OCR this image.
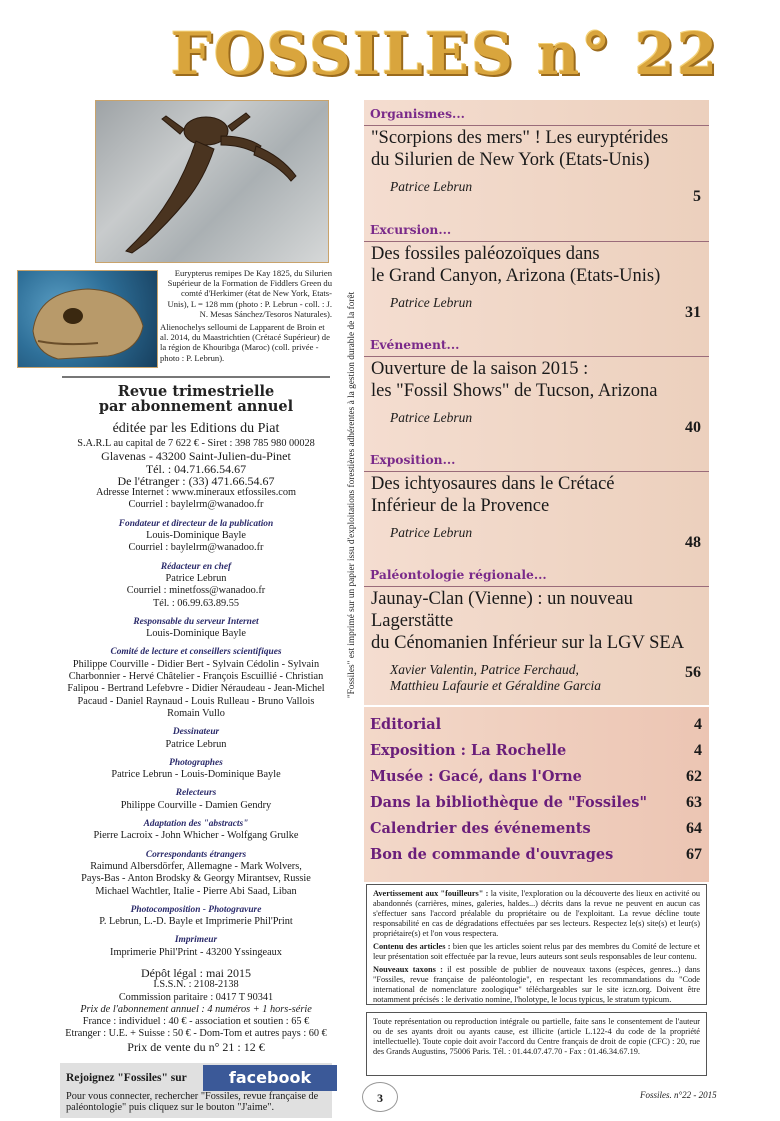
FOSSILES n° 22
Eurypterus remipes De Kay 1825, du Silurien Supérieur de la Formation de Fiddlers Green du comté d'Herkimer (état de New York, Etats-Unis), L = 128 mm (photo : P. Lebrun - coll. : J. N. Mesas Sánchez/Tesoros Naturales).
Alienochelys selloumi de Lapparent de Broin et al. 2014, du Maastrichtien (Crétacé Supérieur) de la région de Khouribga (Maroc) (coll. privée - photo : P. Lebrun).
Revue trimestrielle
par abonnement annuel
éditée par les Editions du Piat
S.A.R.L au capital de 7 622 € - Siret : 398 785 980 00028
Glavenas - 43200 Saint-Julien-du-Pinet
Tél. : 04.71.66.54.67
De l'étranger : (33) 471.66.54.67
Adresse Internet : www.mineraux etfossiles.com
Courriel : baylelrm@wanadoo.fr
Fondateur et directeur de la publication
Louis-Dominique Bayle
Courriel : baylelrm@wanadoo.fr
Rédacteur en chef
Patrice Lebrun
Courriel : minetfoss@wanadoo.fr
Tél. : 06.99.63.89.55
Responsable du serveur Internet
Louis-Dominique Bayle
Comité de lecture et conseillers scientifiques
Philippe Courville - Didier Bert - Sylvain Cédolin - Sylvain
Charbonnier - Hervé Châtelier - François Escuillié - Christian
Falipou - Bertrand Lefebvre - Didier Néraudeau - Jean-Michel
Pacaud - Daniel Raynaud - Louis Rulleau - Bruno Vallois
Romain Vullo
Dessinateur
Patrice Lebrun
Photographes
Patrice Lebrun - Louis-Dominique Bayle
Relecteurs
Philippe Courville - Damien Gendry
Adaptation des "abstracts"
Pierre Lacroix - John Whicher - Wolfgang Grulke
Correspondants étrangers
Raimund Albersdörfer, Allemagne - Mark Wolvers,
Pays-Bas - Anton Brodsky & Georgy Mirantsev, Russie
Michael Wachtler, Italie - Pierre Abi Saad, Liban
Photocomposition - Photogravure
P. Lebrun, L.-D. Bayle et Imprimerie Phil'Print
Imprimeur
Imprimerie Phil'Print - 43200 Yssingeaux
Dépôt légal : mai 2015
I.S.S.N. : 2108-2138
Commission paritaire : 0417 T 90341
Prix de l'abonnement annuel : 4 numéros + 1 hors-série
France : individuel : 40 € - association et soutien : 65 €
Etranger : U.E. + Suisse : 50 € - Dom-Tom et autres pays : 60 €
Prix de vente du n° 21 : 12 €
Rejoignez "Fossiles" sur	facebook
Pour vous connecter, rechercher "Fossiles, revue française de paléontologie" puis cliquez sur le bouton "J'aime".
"Fossiles" est imprimé sur un papier issu d'exploitations forestières adhérentes à la gestion durable de la forêt
Organismes...
"Scorpions des mers" ! Les euryptérides
du Silurien de New York (Etats-Unis)
Patrice Lebrun
5
Excursion...
Des fossiles paléozoïques dans
le Grand Canyon, Arizona (Etats-Unis)
Patrice Lebrun
31
Evénement...
Ouverture de la saison 2015 :
les "Fossil Shows" de Tucson, Arizona
Patrice Lebrun
40
Exposition...
Des ichtyosaures dans le Crétacé
Inférieur de la Provence
Patrice Lebrun
48
Paléontologie régionale...
Jaunay-Clan (Vienne) : un nouveau Lagerstätte
du Cénomanien Inférieur sur la LGV SEA
Xavier Valentin, Patrice Ferchaud,
Matthieu Lafaurie et Géraldine Garcia
56
Editorial	4
Exposition : La Rochelle	4
Musée : Gacé, dans l'Orne	62
Dans la bibliothèque de "Fossiles" 63
Calendrier des événements	64
Bon de commande d'ouvrages	67

Avertissement aux "fouilleurs" : la visite, l'exploration ou la découverte des lieux en activité ou abandonnés (carrières, mines, galeries, haldes...) décrits dans la revue ne peuvent en aucun cas s'effectuer sans l'accord préalable du propriétaire ou de l'exploitant. La revue décline toute responsabilité en cas de dégradations effectuées par ses lecteurs. Respectez le(s) site(s) et leur(s) propriétaire(s) et l'on vous respectera.

Contenu des articles : bien que les articles soient relus par des membres du Comité de lecture et leur présentation soit effectuée par la revue, leurs auteurs sont seuls responsables de leur contenu.

Nouveaux taxons : il est possible de publier de nouveaux taxons (espèces, genres...) dans "Fossiles, revue française de paléontologie", en respectant les recommandations du "Code international de nomenclature zoologique" téléchargeables sur le site iczn.org. Doivent être notamment précisés : le derivatio nomine, l'holotype, le locus typicus, le stratum typicum.

Toute représentation ou reproduction intégrale ou partielle, faite sans le consentement de l'auteur ou de ses ayants droit ou ayants cause, est illicite (article L.122-4 du code de la propriété intellectuelle). Toute copie doit avoir l'accord du Centre français de droit de copie (CFC) : 20, rue des Grands Augustins, 75006 Paris. Tél. : 01.44.07.47.70 - Fax : 01.46.34.67.19.
3	Fossiles. n°22 - 2015
